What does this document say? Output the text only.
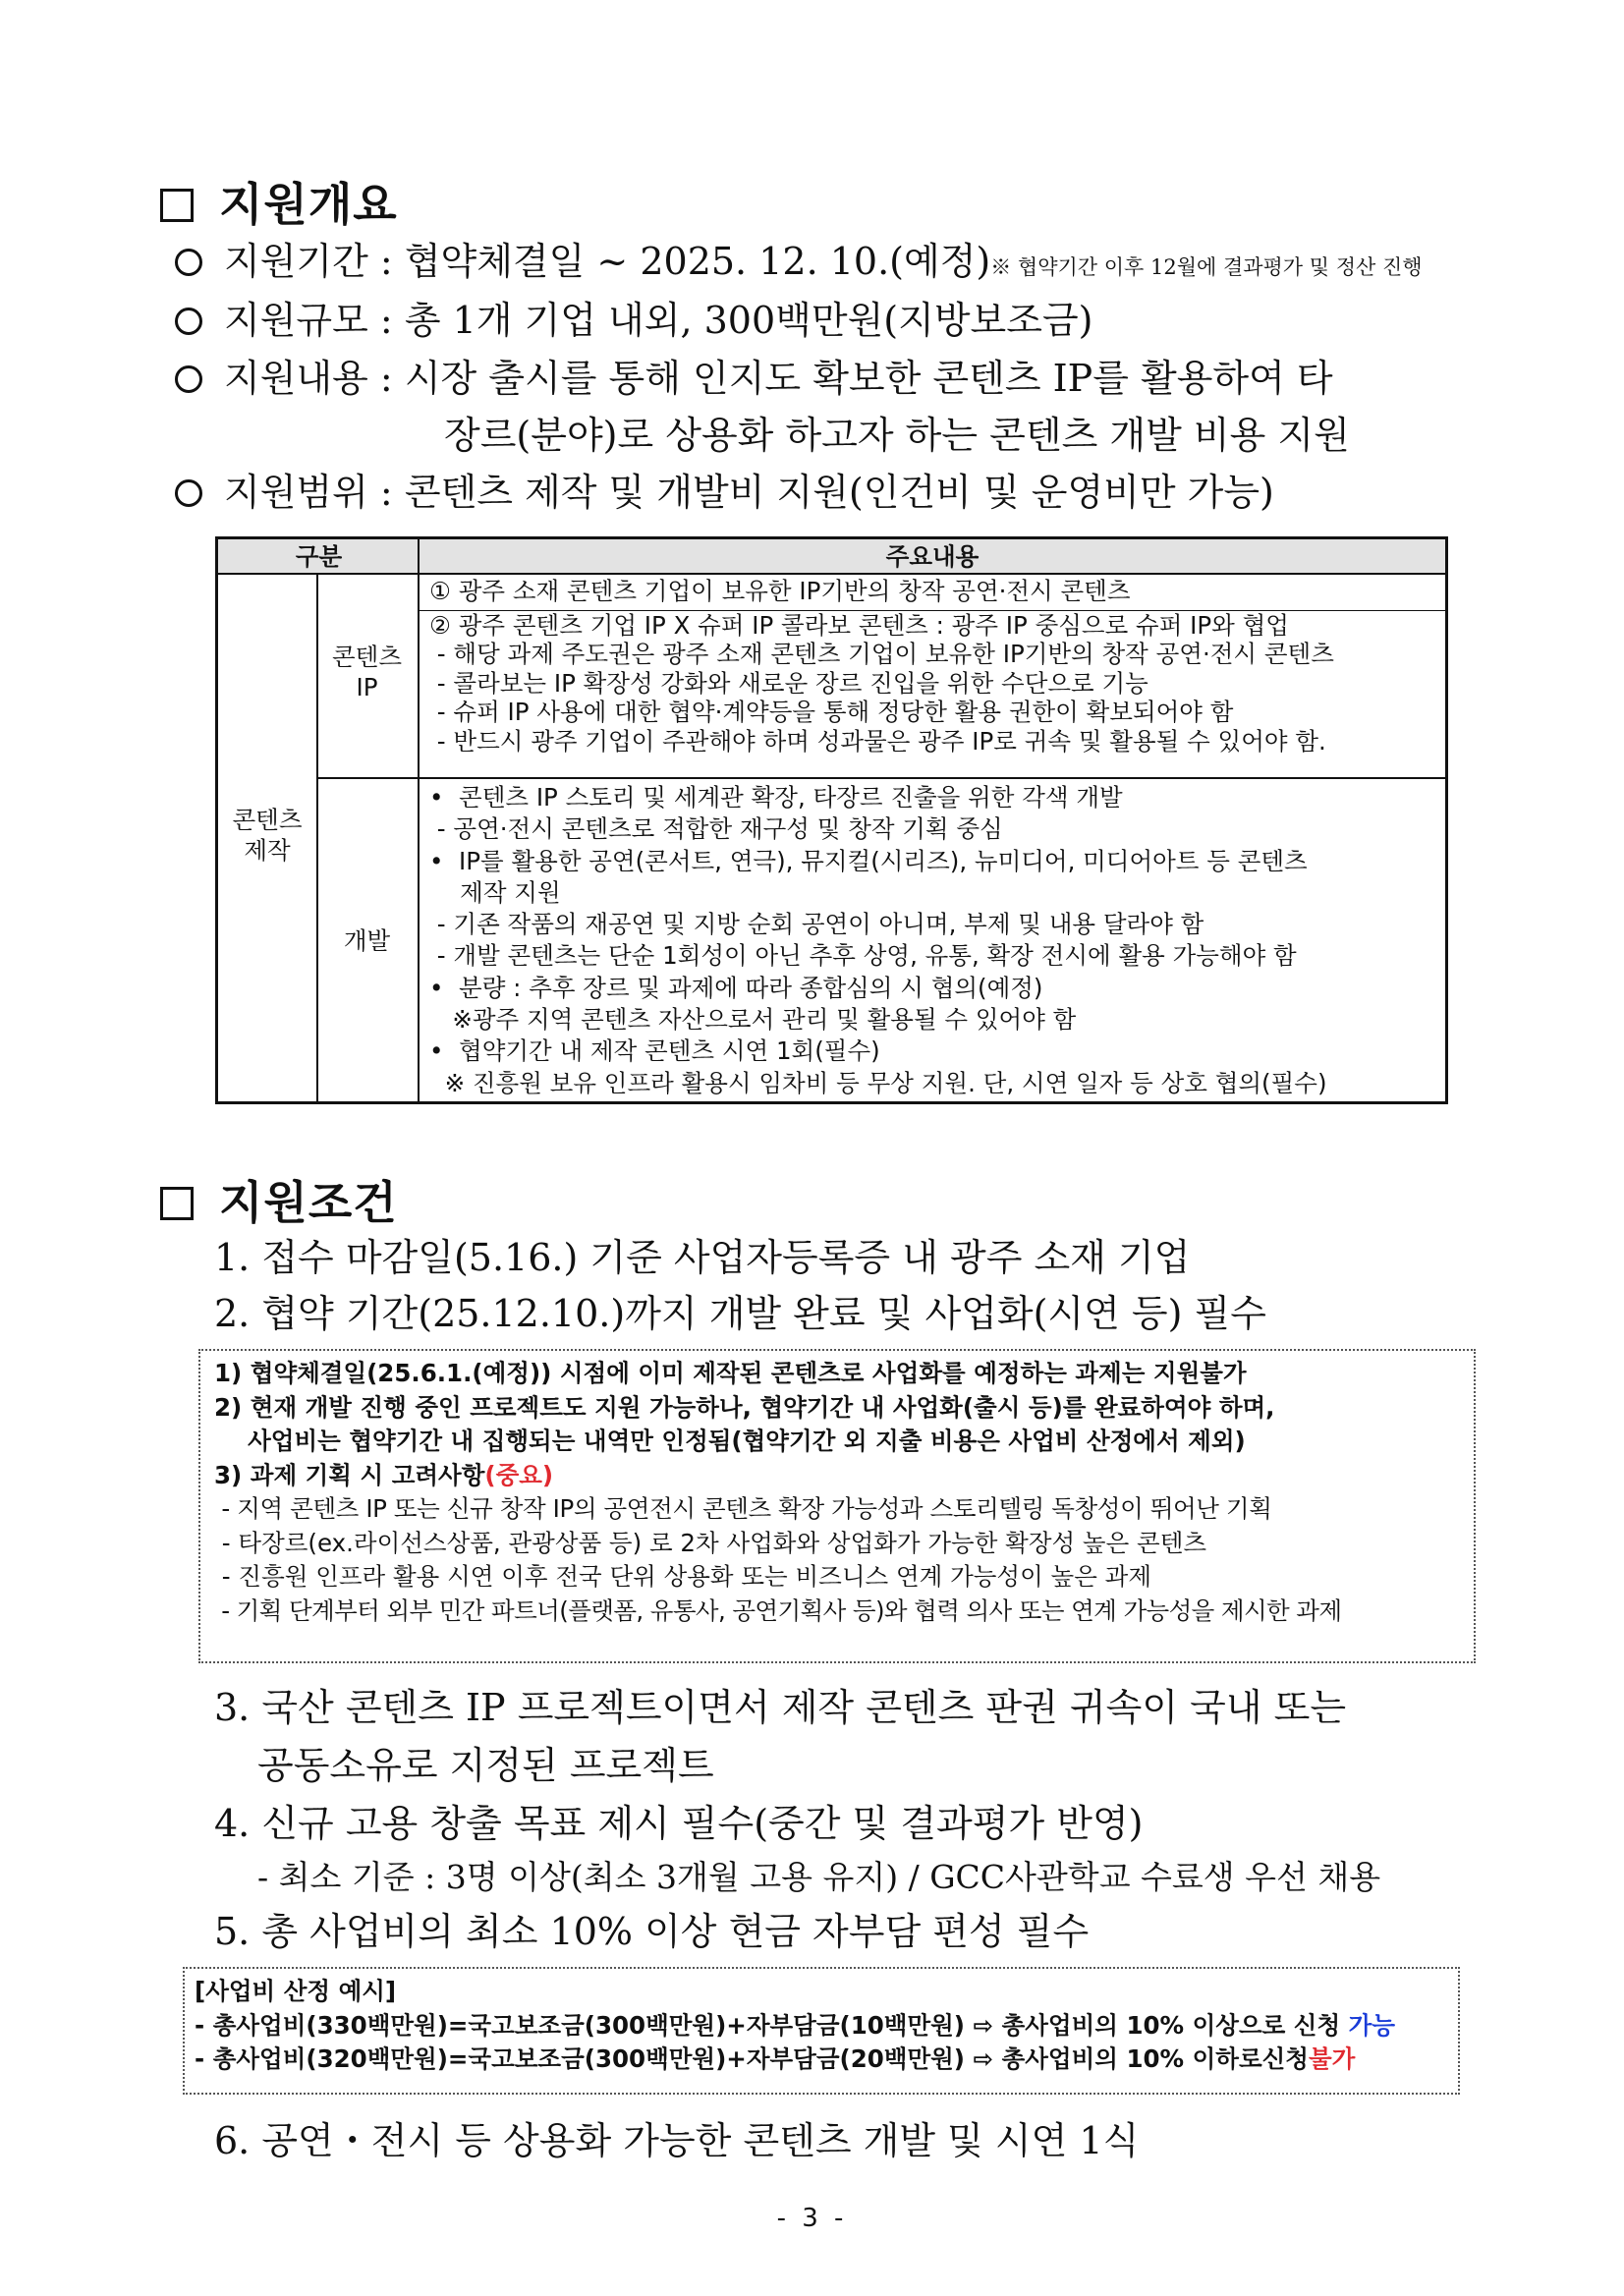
지원개요
지원기간 : 협약체결일 ~ 2025. 12. 10.(예정)※ 협약기간 이후 12월에 결과평가 및 정산 진행
지원규모 : 총 1개 기업 내외, 300백만원(지방보조금)
지원내용 : 시장 출시를 통해 인지도 확보한 콘텐츠 IP를 활용하여 타
장르(분야)로 상용화 하고자 하는 콘텐츠 개발 비용 지원
지원범위 : 콘텐츠 제작 및 개발비 지원(인건비 및 운영비만 가능)
구분	주요내용
콘텐츠
제작
콘텐츠
IP
개발
① 광주 소재 콘텐츠 기업이 보유한 IP기반의 창작 공연·전시 콘텐츠
② 광주 콘텐츠 기업 IP X 슈퍼 IP 콜라보 콘텐츠 : 광주 IP 중심으로 슈퍼 IP와 협업
- 해당 과제 주도권은 광주 소재 콘텐츠 기업이 보유한 IP기반의 창작 공연·전시 콘텐츠
- 콜라보는 IP 확장성 강화와 새로운 장르 진입을 위한 수단으로 기능
- 슈퍼 IP 사용에 대한 협약·계약등을 통해 정당한 활용 권한이 확보되어야 함
- 반드시 광주 기업이 주관해야 하며 성과물은 광주 IP로 귀속 및 활용될 수 있어야 함.
•  콘텐츠 IP 스토리 및 세계관 확장, 타장르 진출을 위한 각색 개발
- 공연·전시 콘텐츠로 적합한 재구성 및 창작 기획 중심
•  IP를 활용한 공연(콘서트, 연극), 뮤지컬(시리즈), 뉴미디어, 미디어아트 등 콘텐츠
제작 지원
- 기존 작품의 재공연 및 지방 순회 공연이 아니며, 부제 및 내용 달라야 함
- 개발 콘텐츠는 단순 1회성이 아닌 추후 상영, 유통, 확장 전시에 활용 가능해야 함
•  분량 : 추후 장르 및 과제에 따라 종합심의 시 협의(예정)
※광주 지역 콘텐츠 자산으로서 관리 및 활용될 수 있어야 함
•  협약기간 내 제작 콘텐츠 시연 1회(필수)
※ 진흥원 보유 인프라 활용시 임차비 등 무상 지원. 단, 시연 일자 등 상호 협의(필수)
지원조건
1. 접수 마감일(5.16.) 기준 사업자등록증 내 광주 소재 기업
2. 협약 기간(25.12.10.)까지 개발 완료 및 사업화(시연 등) 필수
1) 협약체결일(25.6.1.(예정)) 시점에 이미 제작된 콘텐츠로 사업화를 예정하는 과제는 지원불가
2) 현재 개발 진행 중인 프로젝트도 지원 가능하나, 협약기간 내 사업화(출시 등)를 완료하여야 하며,
사업비는 협약기간 내 집행되는 내역만 인정됨(협약기간 외 지출 비용은 사업비 산정에서 제외)
3) 과제 기획 시 고려사항(중요)
- 지역 콘텐츠 IP 또는 신규 창작 IP의 공연전시 콘텐츠 확장 가능성과 스토리텔링 독창성이 뛰어난 기획
- 타장르(ex.라이선스상품, 관광상품 등) 로 2차 사업화와 상업화가 가능한 확장성 높은 콘텐츠
- 진흥원 인프라 활용 시연 이후 전국 단위 상용화 또는 비즈니스 연계 가능성이 높은 과제
- 기획 단계부터 외부 민간 파트너(플랫폼, 유통사, 공연기획사 등)와 협력 의사 또는 연계 가능성을 제시한 과제
3. 국산 콘텐츠 IP 프로젝트이면서 제작 콘텐츠 판권 귀속이 국내 또는
공동소유로 지정된 프로젝트
4. 신규 고용 창출 목표 제시 필수(중간 및 결과평가 반영)
- 최소 기준 : 3명 이상(최소 3개월 고용 유지) / GCC사관학교 수료생 우선 채용
5. 총 사업비의 최소 10% 이상 현금 자부담 편성 필수
[사업비 산정 예시]
- 총사업비(330백만원)=국고보조금(300백만원)+자부담금(10백만원) ⇨ 총사업비의 10% 이상으로 신청 가능
- 총사업비(320백만원)=국고보조금(300백만원)+자부담금(20백만원) ⇨ 총사업비의 10% 이하로신청불가
6. 공연・전시 등 상용화 가능한 콘텐츠 개발 및 시연 1식
- 3 -
